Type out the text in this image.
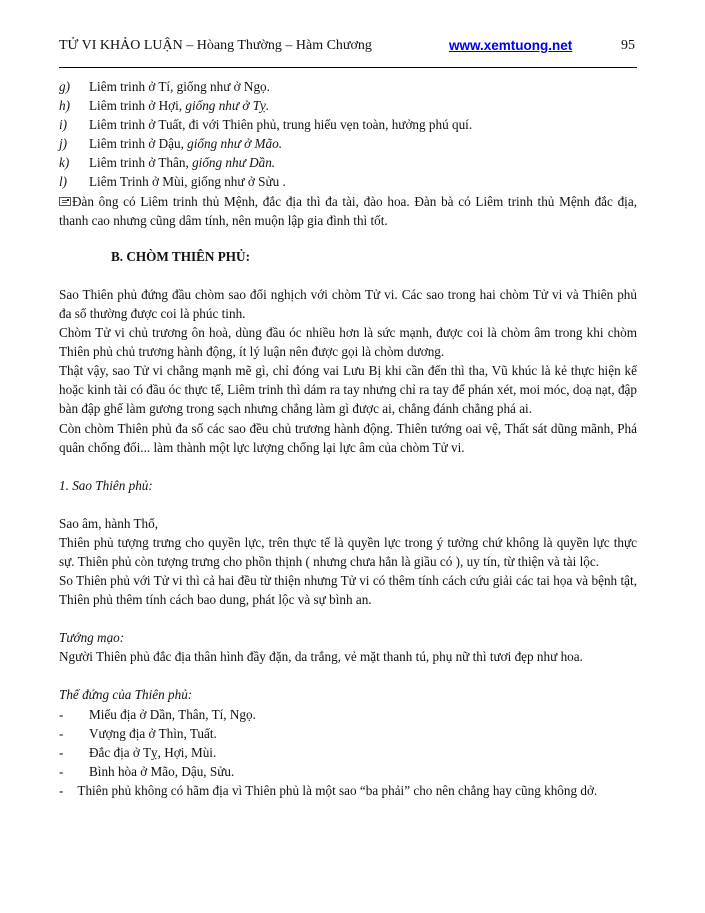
TỬ VI KHẢO LUẬN – Hòang Thường – Hàm Chương	www.xemtuong.net	95
g)	Liêm trinh ở Tí, giống như ở Ngọ.
h)	Liêm trinh ở Hợi, giống như ở Tỵ.
i)	Liêm trinh ở Tuất, đi với Thiên phủ, trung hiếu vẹn toàn, hưởng phú quí.
j)	Liêm trinh ở Dậu, giống như ở Mão.
k)	Liêm trinh ở Thân, giống như Dần.
l)	Liêm Trinh ở Mùi, giống như ở Sửu .
Đàn ông có Liêm trinh thủ Mệnh, đắc địa thì đa tài, đào hoa. Đàn bà có Liêm trinh thủ Mệnh đắc địa, thanh cao nhưng cũng dâm tính, nên muộn lập gia đình thì tốt.
B. CHÒM THIÊN PHỦ:
Sao Thiên phủ đứng đầu chòm sao đối nghịch với chòm Tử vi. Các sao trong hai chòm Tử vi và Thiên phủ đa số thường được coi là phúc tinh.
Chòm Tử vi chủ trương ôn hoà, dùng đầu óc nhiều hơn là sức mạnh, được coi là chòm âm trong khi chòm Thiên phủ chủ trương hành động, ít lý luận nên được gọi là chòm dương.
Thật vậy, sao Tử vi chẳng mạnh mẽ gì, chỉ đóng vai Lưu Bị khi cần đến thì tha, Vũ khúc là kẻ thực hiện kế hoặc kinh tài có đầu óc thực tế, Liêm trinh thì dám ra tay nhưng chỉ ra tay để phán xét, moi móc, doạ nạt, đập bàn đập ghế làm gương trong sạch nhưng chẳng làm gì được ai, chẳng đánh chẳng phá ai.
Còn chòm Thiên phủ đa số các sao đều chủ trương hành động. Thiên tướng oai vệ, Thất sát dũng mãnh, Phá quân chống đối... làm thành một lực lượng chống lại lực âm của chòm Tử vi.
1. Sao Thiên phủ:
Sao âm, hành Thổ,
Thiên phủ tượng trưng cho quyền lực, trên thực tế là quyền lực trong ý tưởng chứ không là quyền lực thực sự. Thiên phủ còn tượng trưng cho phồn thịnh ( nhưng chưa hẳn là giầu có ), uy tín, từ thiện và tài lộc.
So Thiên phủ với Tử vi thì cả hai đều từ thiện nhưng Tử vi có thêm tính cách cứu giải các tai họa và bệnh tật, Thiên phủ thêm tính cách bao dung, phát lộc và sự bình an.
Tướng mạo:
Người Thiên phủ đắc địa thân hình đầy đặn, da trắng, vẻ mặt thanh tú, phụ nữ thì tươi đẹp như hoa.
Thế đứng của Thiên phủ:
-	Miếu địa ở Dần, Thân, Tí, Ngọ.
-	Vượng địa ở Thìn, Tuất.
-	Đắc địa ở Tỵ, Hợi, Mùi.
-	Bình hòa ở Mão, Dậu, Sửu.
- Thiên phủ không có hãm địa vì Thiên phủ là một sao “ba phải” cho nên chẳng hay cũng không dở.
